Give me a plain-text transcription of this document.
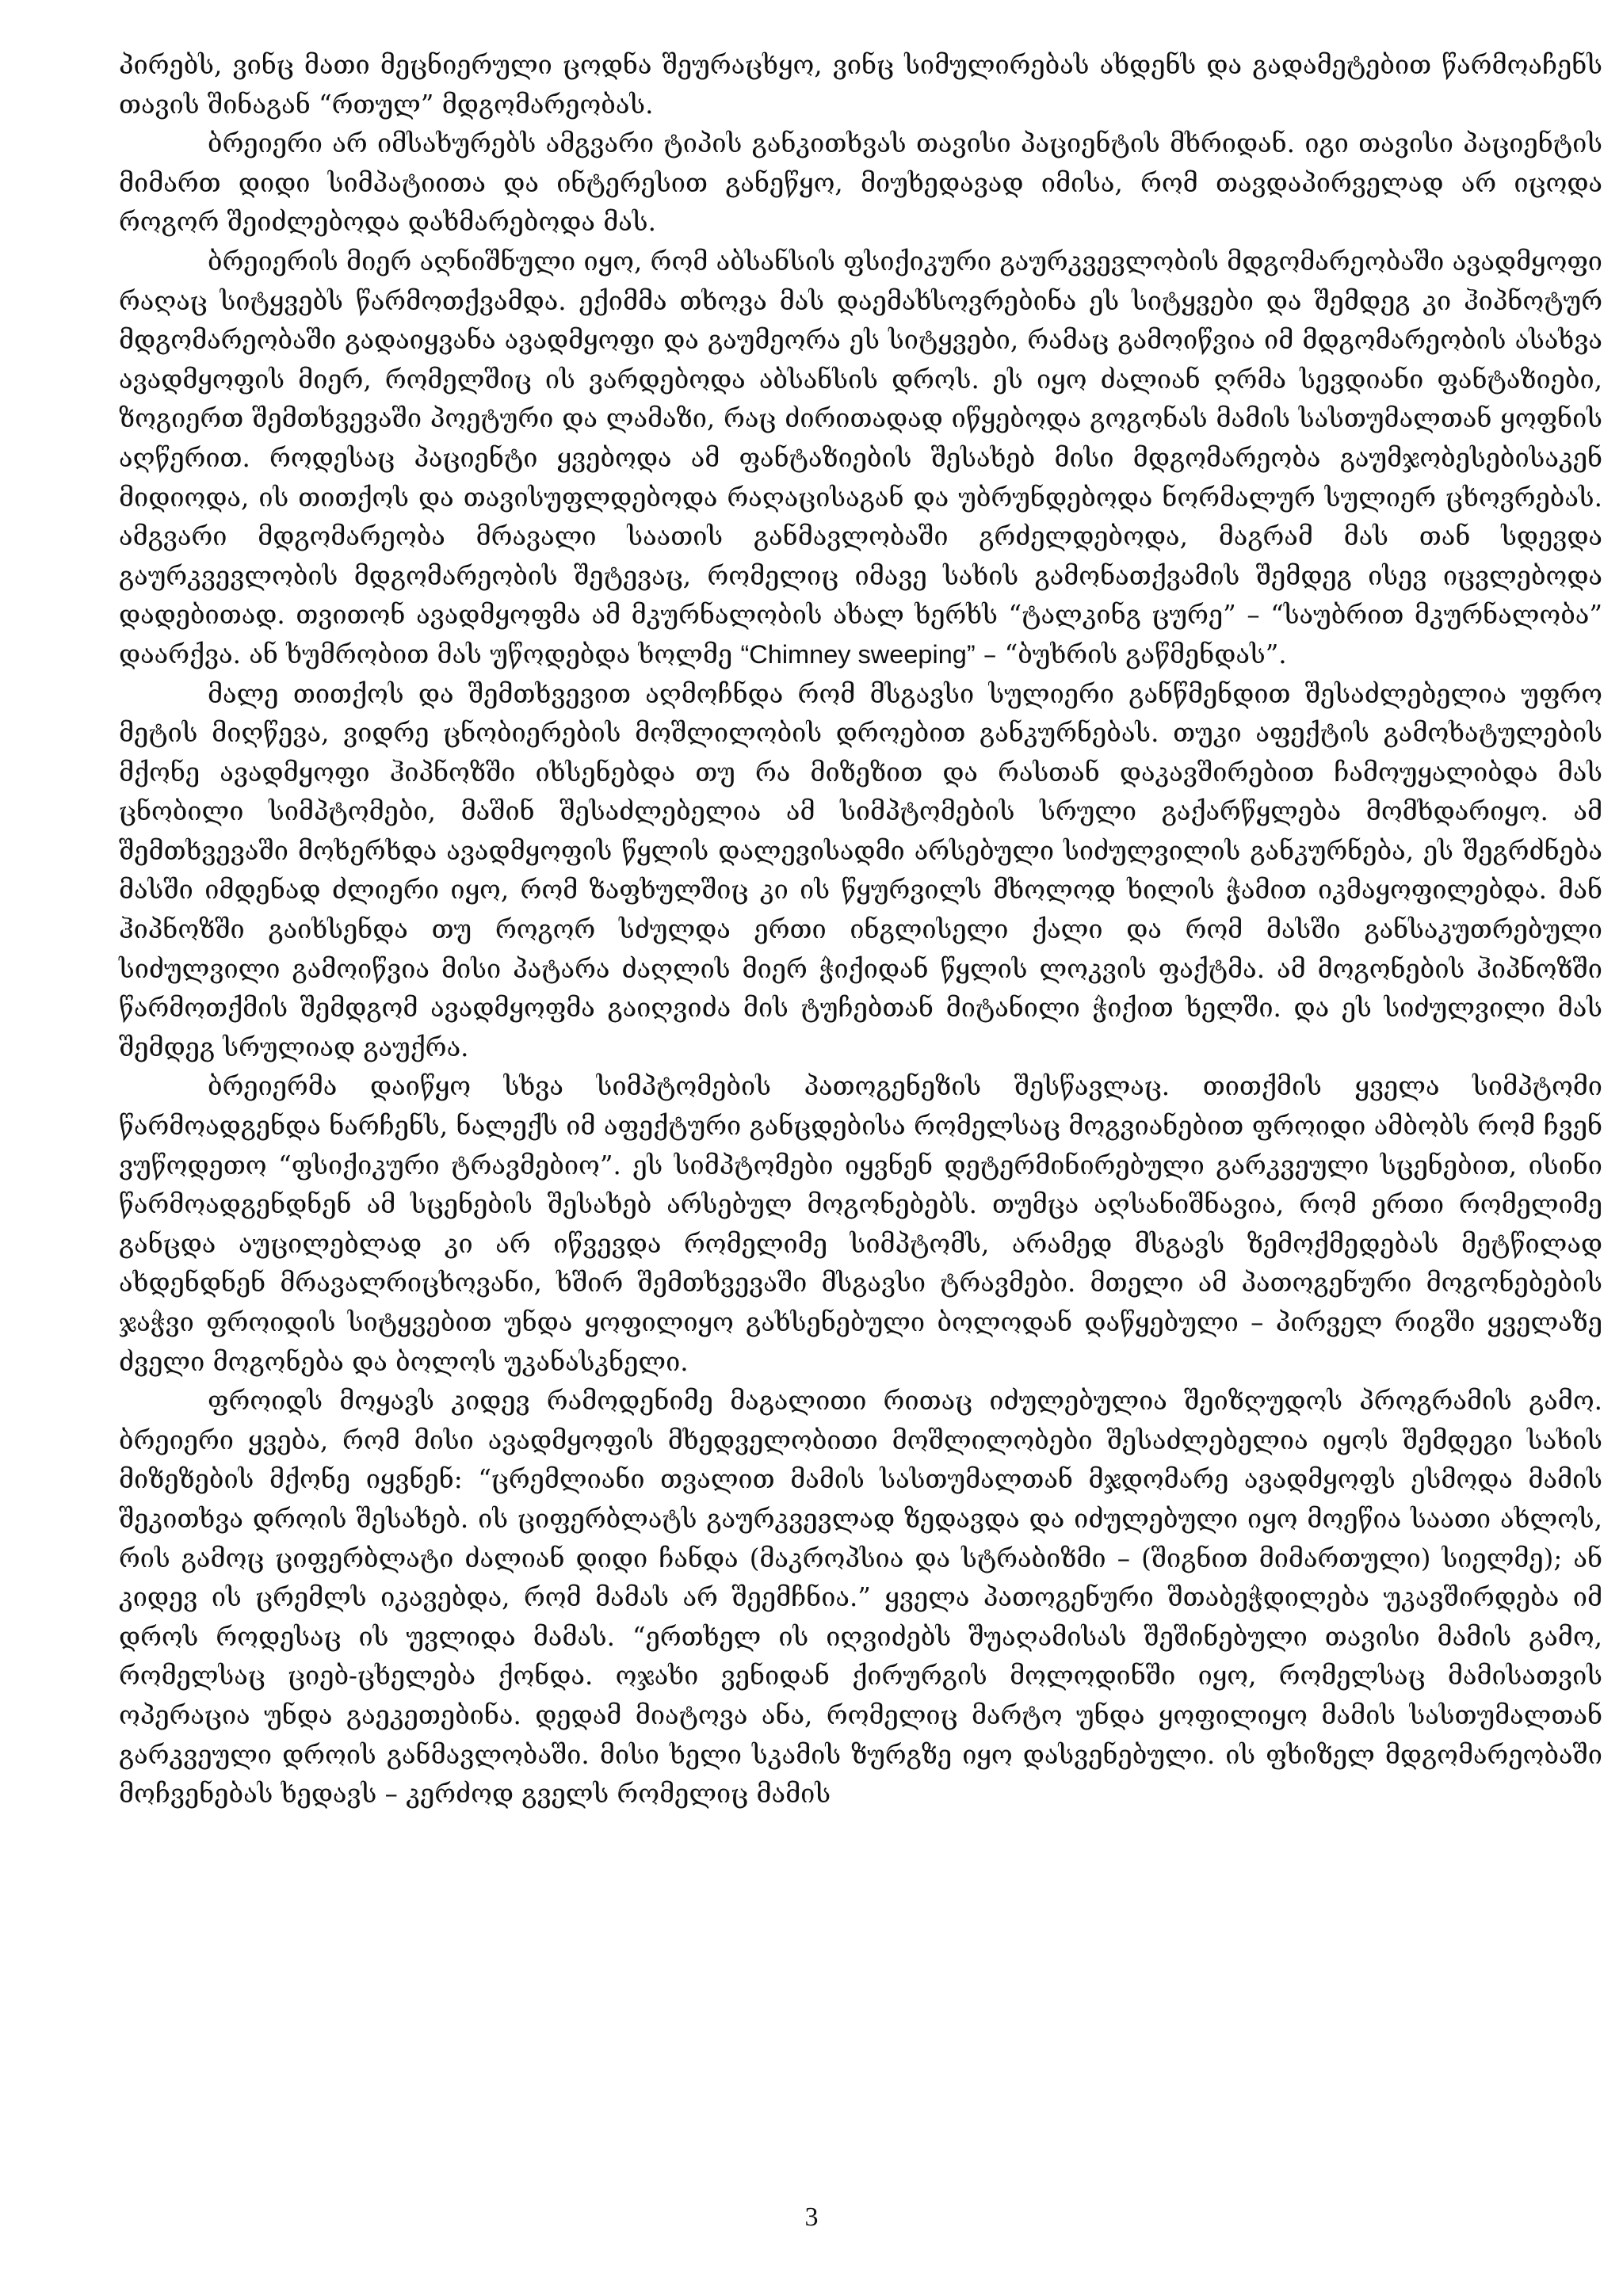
პირებს, ვინც მათი მეცნიერული ცოდნა შეურაცხყო, ვინც სიმულირებას ახდენს და გადამეტებით წარმოაჩენს თავის შინაგან “რთულ” მდგომარეობას.

ბრეიერი არ იმსახურებს ამგვარი ტიპის განკითხვას თავისი პაციენტის მხრიდან. იგი თავისი პაციენტის მიმართ დიდი სიმპატიითა და ინტერესით განეწყო, მიუხედავად იმისა, რომ თავდაპირველად არ იცოდა როგორ შეიძლებოდა დახმარებოდა მას.

ბრეიერის მიერ აღნიშნული იყო, რომ აბსანსის ფსიქიკური გაურკვევლობის მდგომარეობაში ავადმყოფი რაღაც სიტყვებს წარმოთქვამდა. ექიმმა თხოვა მას დაემახსოვრებინა ეს სიტყვები და შემდეგ კი ჰიპნოტურ მდგომარეობაში გადაიყვანა ავადმყოფი და გაუმეორა ეს სიტყვები, რამაც გამოიწვია იმ მდგომარეობის ასახვა ავადმყოფის მიერ, რომელშიც ის ვარდებოდა აბსანსის დროს. ეს იყო ძალიან ღრმა სევდიანი ფანტაზიები, ზოგიერთ შემთხვევაში პოეტური და ლამაზი, რაც ძირითადად იწყებოდა გოგონას მამის სასთუმალთან ყოფნის აღწერით. როდესაც პაციენტი ყვებოდა ამ ფანტაზიების შესახებ მისი მდგომარეობა გაუმჯობესებისაკენ მიდიოდა, ის თითქოს და თავისუფლდებოდა რაღაცისაგან და უბრუნდებოდა ნორმალურ სულიერ ცხოვრებას. ამგვარი მდგომარეობა მრავალი საათის განმავლობაში გრძელდებოდა, მაგრამ მას თან სდევდა გაურკვევლობის მდგომარეობის შეტევაც, რომელიც იმავე სახის გამონათქვამის შემდეგ ისევ იცვლებოდა დადებითად. თვითონ ავადმყოფმა ამ მკურნალობის ახალ ხერხს “ტალკინგ ცურე” – “საუბრით მკურნალობა” დაარქვა. ან ხუმრობით მას უწოდებდა ხოლმე “Chimney sweeping” – “ბუხრის გაწმენდას”.

მალე თითქოს და შემთხვევით აღმოჩნდა რომ მსგავსი სულიერი განწმენდით შესაძლებელია უფრო მეტის მიღწევა, ვიდრე ცნობიერების მოშლილობის დროებით განკურნებას. თუკი აფექტის გამოხატულების მქონე ავადმყოფი ჰიპნოზში იხსენებდა თუ რა მიზეზით და რასთან დაკავშირებით ჩამოუყალიბდა მას ცნობილი სიმპტომები, მაშინ შესაძლებელია ამ სიმპტომების სრული გაქარწყლება მომხდარიყო. ამ შემთხვევაში მოხერხდა ავადმყოფის წყლის დალევისადმი არსებული სიძულვილის განკურნება, ეს შეგრძნება მასში იმდენად ძლიერი იყო, რომ ზაფხულშიც კი ის წყურვილს მხოლოდ ხილის ჭამით იკმაყოფილებდა. მან ჰიპნოზში გაიხსენდა თუ როგორ სძულდა ერთი ინგლისელი ქალი და რომ მასში განსაკუთრებული სიძულვილი გამოიწვია მისი პატარა ძაღლის მიერ ჭიქიდან წყლის ლოკვის ფაქტმა. ამ მოგონების ჰიპნოზში წარმოთქმის შემდგომ ავადმყოფმა გაიღვიძა მის ტუჩებთან მიტანილი ჭიქით ხელში. და ეს სიძულვილი მას შემდეგ სრულიად გაუქრა.

ბრეიერმა დაიწყო სხვა სიმპტომების პათოგენეზის შესწავლაც. თითქმის ყველა სიმპტომი წარმოადგენდა ნარჩენს, ნალექს იმ აფექტური განცდებისა რომელსაც მოგვიანებით ფროიდი ამბობს რომ ჩვენ ვუწოდეთო “ფსიქიკური ტრავმებიო”. ეს სიმპტომები იყვნენ დეტერმინირებული გარკვეული სცენებით, ისინი წარმოადგენდნენ ამ სცენების შესახებ არსებულ მოგონებებს. თუმცა აღსანიშნავია, რომ ერთი რომელიმე განცდა აუცილებლად კი არ იწვევდა რომელიმე სიმპტომს, არამედ მსგავს ზემოქმედებას მეტწილად ახდენდნენ მრავალრიცხოვანი, ხშირ შემთხვევაში მსგავსი ტრავმები. მთელი ამ პათოგენური მოგონებების ჯაჭვი ფროიდის სიტყვებით უნდა ყოფილიყო გახსენებული ბოლოდან დაწყებული – პირველ რიგში ყველაზე ძველი მოგონება და ბოლოს უკანასკნელი.

ფროიდს მოყავს კიდევ რამოდენიმე მაგალითი რითაც იძულებულია შეიზღუდოს პროგრამის გამო. ბრეიერი ყვება, რომ მისი ავადმყოფის მხედველობითი მოშლილობები შესაძლებელია იყოს შემდეგი სახის მიზეზების მქონე იყვნენ: “ცრემლიანი თვალით მამის სასთუმალთან მჯდომარე ავადმყოფს ესმოდა მამის შეკითხვა დროის შესახებ. ის ციფერბლატს გაურკვევლად ზედავდა და იძულებული იყო მოეწია საათი ახლოს, რის გამოც ციფერბლატი ძალიან დიდი ჩანდა (მაკროპსია და სტრაბიზმი – (შიგნით მიმართული) სიელმე); ან კიდევ ის ცრემლს იკავებდა, რომ მამას არ შეემჩნია.” ყველა პათოგენური შთაბეჭდილება უკავშირდება იმ დროს როდესაც ის უვლიდა მამას. “ერთხელ ის იღვიძებს შუაღამისას შეშინებული თავისი მამის გამო, რომელსაც ციებ-ცხელება ქონდა. ოჯახი ვენიდან ქირურგის მოლოდინში იყო, რომელსაც მამისათვის ოპერაცია უნდა გაეკეთებინა. დედამ მიატოვა ანა, რომელიც მარტო უნდა ყოფილიყო მამის სასთუმალთან გარკვეული დროის განმავლობაში. მისი ხელი სკამის ზურგზე იყო დასვენებული. ის ფხიზელ მდგომარეობაში მოჩვენებას ხედავს – კერძოდ გველს რომელიც მამის

3
